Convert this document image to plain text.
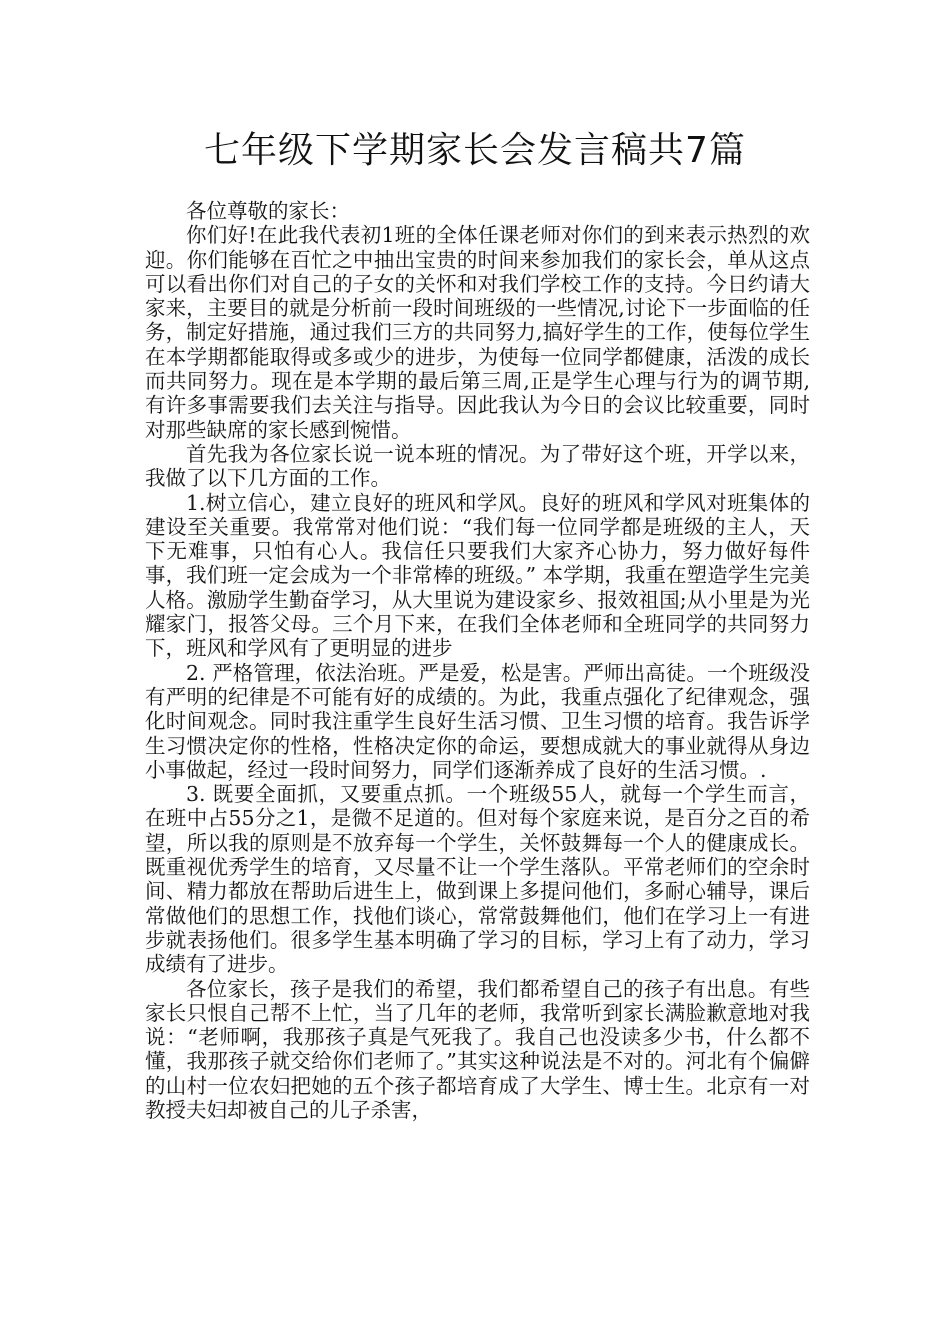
七年级下学期家长会发言稿共7篇

各位尊敬的家长：

你们好!在此我代表初1班的全体任课老师对你们的到来表示热烈的欢迎。你们能够在百忙之中抽出宝贵的时间来参加我们的家长会，单从这点可以看出你们对自己的子女的关怀和对我们学校工作的支持。今日约请大家来，主要目的就是分析前一段时间班级的一些情况,讨论下一步面临的任务，制定好措施，通过我们三方的共同努力,搞好学生的工作，使每位学生在本学期都能取得或多或少的进步，为使每一位同学都健康，活泼的成长而共同努力。现在是本学期的最后第三周,正是学生心理与行为的调节期,有许多事需要我们去关注与指导。因此我认为今日的会议比较重要，同时对那些缺席的家长感到惋惜。

首先我为各位家长说一说本班的情况。为了带好这个班，开学以来，我做了以下几方面的工作。

1.树立信心，建立良好的班风和学风。良好的班风和学风对班集体的建设至关重要。我常常对他们说：“我们每一位同学都是班级的主人，天下无难事，只怕有心人。我信任只要我们大家齐心协力，努力做好每件事，我们班一定会成为一个非常棒的班级。” 本学期，我重在塑造学生完美人格。激励学生勤奋学习，从大里说为建设家乡、报效祖国;从小里是为光耀家门，报答父母。三个月下来，在我们全体老师和全班同学的共同努力下，班风和学风有了更明显的进步

2. 严格管理，依法治班。严是爱，松是害。严师出高徒。一个班级没有严明的纪律是不可能有好的成绩的。为此，我重点强化了纪律观念，强化时间观念。同时我注重学生良好生活习惯、卫生习惯的培育。我告诉学生习惯决定你的性格，性格决定你的命运，要想成就大的事业就得从身边小事做起，经过一段时间努力，同学们逐渐养成了良好的生活习惯。.

3. 既要全面抓，又要重点抓。一个班级55人，就每一个学生而言，在班中占55分之1，是微不足道的。但对每个家庭来说，是百分之百的希望，所以我的原则是不放弃每一个学生，关怀鼓舞每一个人的健康成长。既重视优秀学生的培育，又尽量不让一个学生落队。平常老师们的空余时间、精力都放在帮助后进生上，做到课上多提问他们，多耐心辅导，课后常做他们的思想工作，找他们谈心，常常鼓舞他们，他们在学习上一有进步就表扬他们。很多学生基本明确了学习的目标，学习上有了动力，学习成绩有了进步。

各位家长，孩子是我们的希望，我们都希望自己的孩子有出息。有些家长只恨自己帮不上忙，当了几年的老师，我常听到家长满脸歉意地对我说：“老师啊，我那孩子真是气死我了。我自己也没读多少书，什么都不懂，我那孩子就交给你们老师了。”其实这种说法是不对的。河北有个偏僻的山村一位农妇把她的五个孩子都培育成了大学生、博士生。北京有一对教授夫妇却被自己的儿子杀害，
